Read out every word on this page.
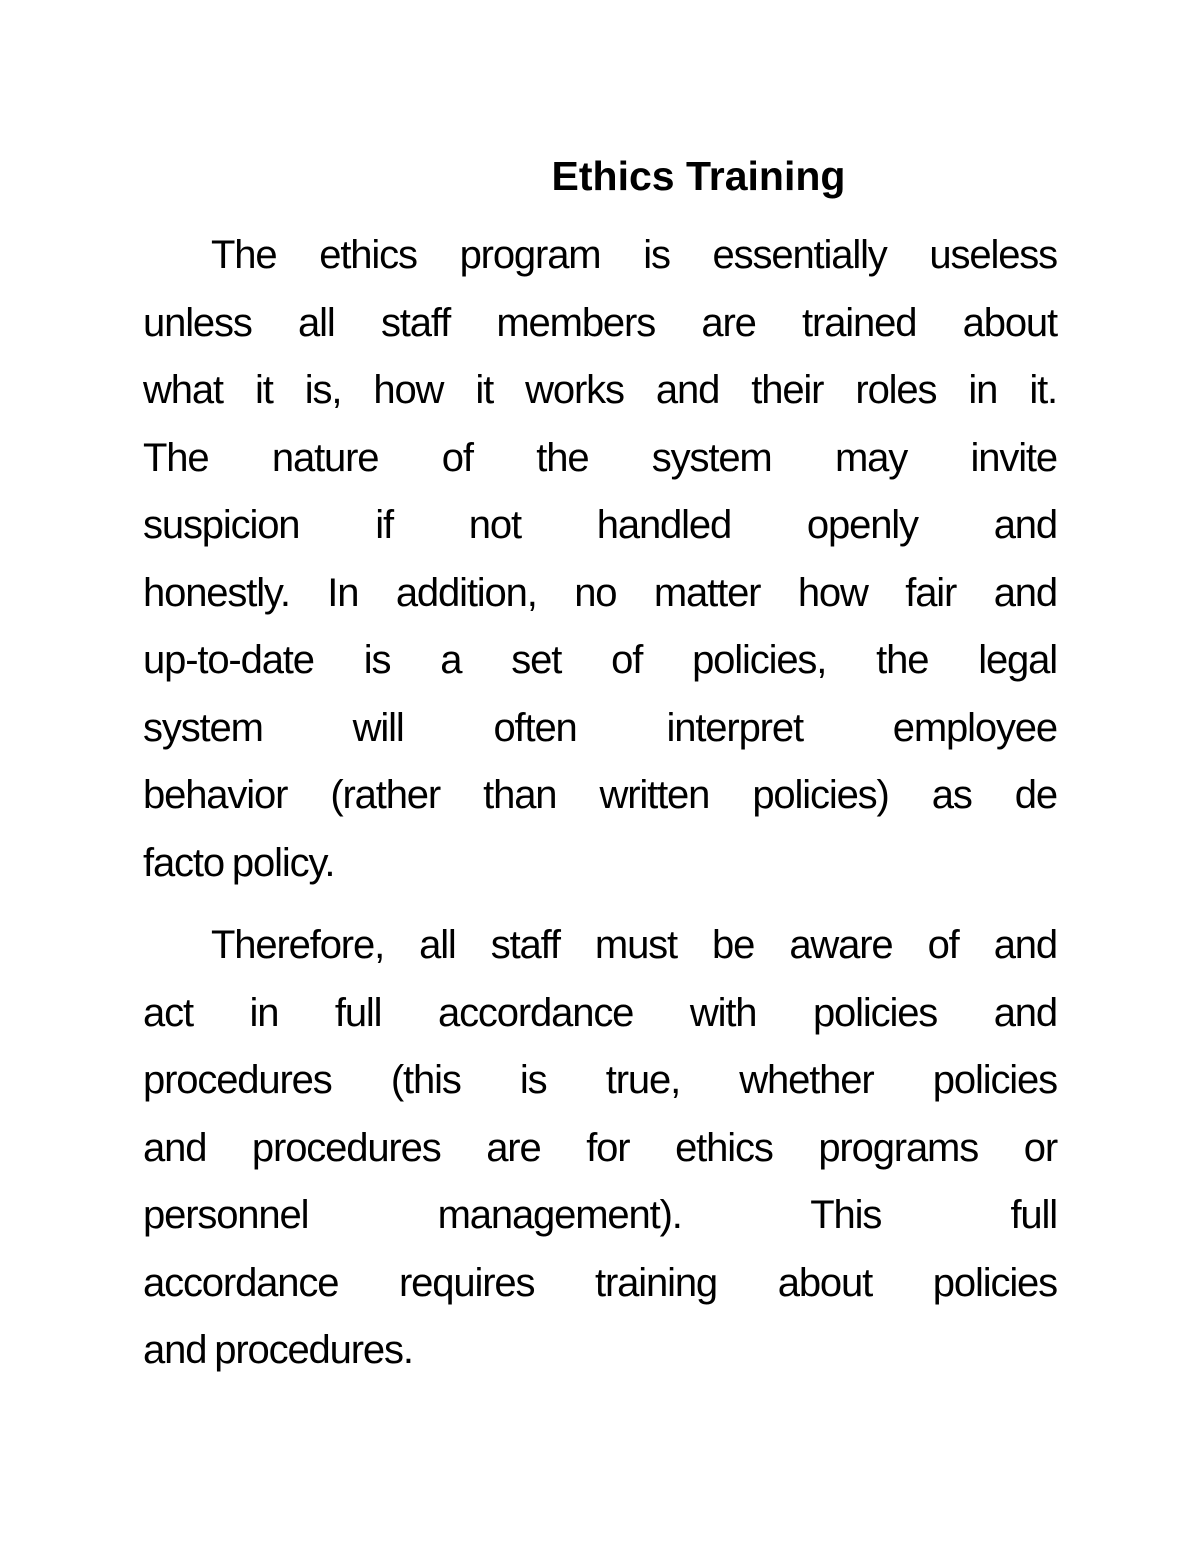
Ethics Training

The ethics program is essentially useless
unless all staff members are trained about
what it is, how it works and their roles in it.
The nature of the system may invite
suspicion if not handled openly and
honestly. In addition, no matter how fair and
up-to-date is a set of policies, the legal
system will often interpret employee
behavior (rather than written policies) as de
facto policy.

Therefore, all staff must be aware of and
act in full accordance with policies and
procedures (this is true, whether policies
and procedures are for ethics programs or
personnel management). This full
accordance requires training about policies
and procedures.
